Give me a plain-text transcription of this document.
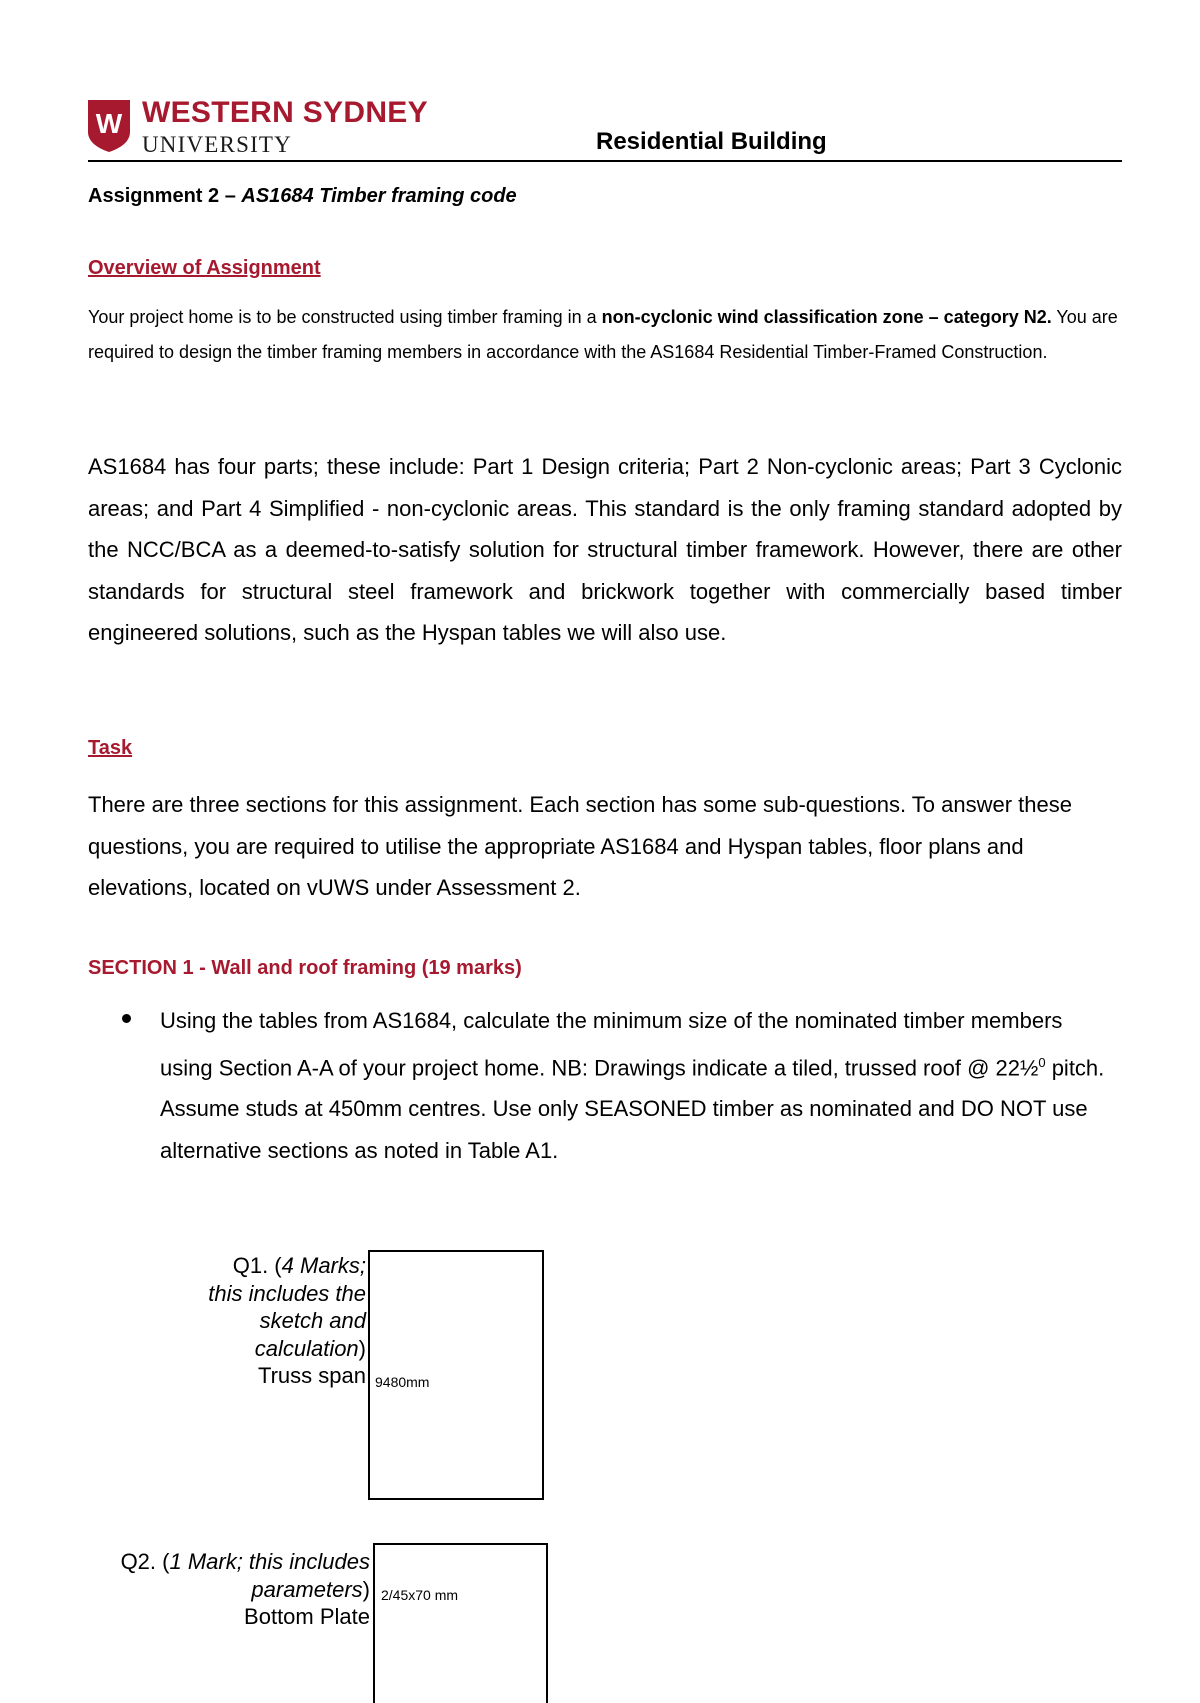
W WESTERN SYDNEY
UNIVERSITY	Residential Building
Assignment 2 – AS1684 Timber framing code
Overview of Assignment
Your project home is to be constructed using timber framing in a non-cyclonic wind classification zone – category N2. You are required to design the timber framing members in accordance with the AS1684 Residential Timber-Framed Construction.
AS1684 has four parts; these include: Part 1 Design criteria; Part 2 Non-cyclonic areas; Part 3 Cyclonic areas; and Part 4 Simplified - non-cyclonic areas. This standard is the only framing standard adopted by the NCC/BCA as a deemed-to-satisfy solution for structural timber framework. However, there are other standards for structural steel framework and brickwork together with commercially based timber engineered solutions, such as the Hyspan tables we will also use.
Task
There are three sections for this assignment. Each section has some sub-questions. To answer these questions, you are required to utilise the appropriate AS1684 and Hyspan tables, floor plans and elevations, located on vUWS under Assessment 2.
SECTION 1 - Wall and roof framing (19 marks)
Using the tables from AS1684, calculate the minimum size of the nominated timber members using Section A-A of your project home. NB: Drawings indicate a tiled, trussed roof @ 22½$^0$ pitch. Assume studs at 450mm centres. Use only SEASONED timber as nominated and DO NOT use alternative sections as noted in Table A1.
Q1. (4 Marks; this includes the sketch and calculation)
Truss span 9480mm
Q2. (1 Mark; this includes parameters)
Bottom Plate
2/45x70 mm
